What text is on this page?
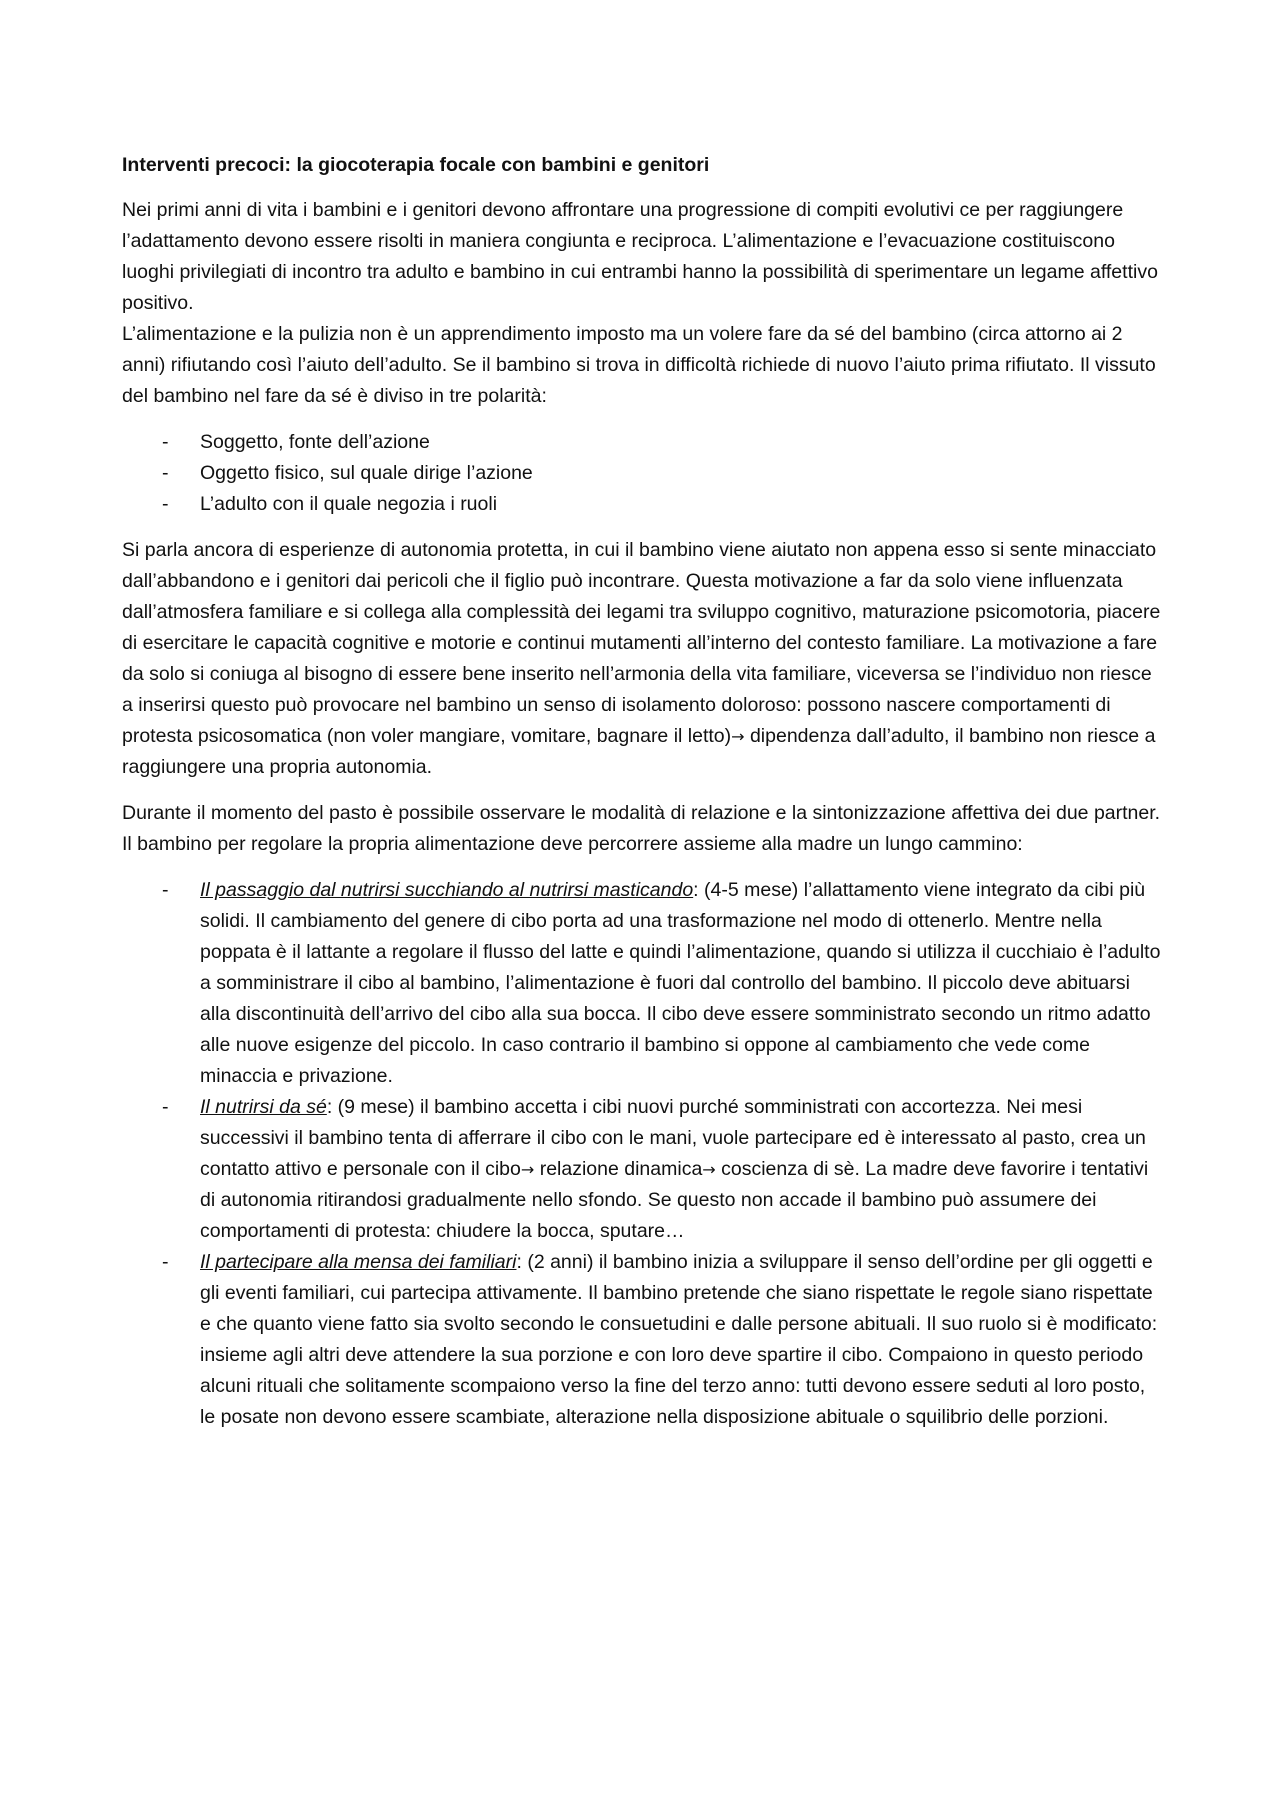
Interventi precoci: la giocoterapia focale con bambini e genitori

Nei primi anni di vita i bambini e i genitori devono affrontare una progressione di compiti evolutivi ce per raggiungere l’adattamento devono essere risolti in maniera congiunta e reciproca. L’alimentazione e l’evacuazione costituiscono luoghi privilegiati di incontro tra adulto e bambino in cui entrambi hanno la possibilità di sperimentare un legame affettivo positivo.

L’alimentazione e la pulizia non è un apprendimento imposto ma un volere fare da sé del bambino (circa attorno ai 2 anni) rifiutando così l’aiuto dell’adulto. Se il bambino si trova in difficoltà richiede di nuovo l’aiuto prima rifiutato. Il vissuto del bambino nel fare da sé è diviso in tre polarità:

- Soggetto, fonte dell’azione
- Oggetto fisico, sul quale dirige l’azione
- L’adulto con il quale negozia i ruoli

Si parla ancora di esperienze di autonomia protetta, in cui il bambino viene aiutato non appena esso si sente minacciato dall’abbandono e i genitori dai pericoli che il figlio può incontrare. Questa motivazione a far da solo viene influenzata dall’atmosfera familiare e si collega alla complessità dei legami tra sviluppo cognitivo, maturazione psicomotoria, piacere di esercitare le capacità cognitive e motorie e continui mutamenti all’interno del contesto familiare. La motivazione a fare da solo si coniuga al bisogno di essere bene inserito nell’armonia della vita familiare, viceversa se l’individuo non riesce a inserirsi questo può provocare nel bambino un senso di isolamento doloroso: possono nascere comportamenti di protesta psicosomatica (non voler mangiare, vomitare, bagnare il letto)→ dipendenza dall’adulto, il bambino non riesce a raggiungere una propria autonomia.

Durante il momento del pasto è possibile osservare le modalità di relazione e la sintonizzazione affettiva dei due partner. Il bambino per regolare la propria alimentazione deve percorrere assieme alla madre un lungo cammino:

- Il passaggio dal nutrirsi succhiando al nutrirsi masticando: (4-5 mese) l’allattamento viene integrato da cibi più solidi. Il cambiamento del genere di cibo porta ad una trasformazione nel modo di ottenerlo. Mentre nella poppata è il lattante a regolare il flusso del latte e quindi l’alimentazione, quando si utilizza il cucchiaio è l’adulto a somministrare il cibo al bambino, l’alimentazione è fuori dal controllo del bambino. Il piccolo deve abituarsi alla discontinuità dell’arrivo del cibo alla sua bocca. Il cibo deve essere somministrato secondo un ritmo adatto alle nuove esigenze del piccolo. In caso contrario il bambino si oppone al cambiamento che vede come minaccia e privazione.
- Il nutrirsi da sé: (9 mese) il bambino accetta i cibi nuovi purché somministrati con accortezza. Nei mesi successivi il bambino tenta di afferrare il cibo con le mani, vuole partecipare ed è interessato al pasto, crea un contatto attivo e personale con il cibo→ relazione dinamica→ coscienza di sè. La madre deve favorire i tentativi di autonomia ritirandosi gradualmente nello sfondo. Se questo non accade il bambino può assumere dei comportamenti di protesta: chiudere la bocca, sputare…
- Il partecipare alla mensa dei familiari: (2 anni) il bambino inizia a sviluppare il senso dell’ordine per gli oggetti e gli eventi familiari, cui partecipa attivamente. Il bambino pretende che siano rispettate le regole siano rispettate e che quanto viene fatto sia svolto secondo le consuetudini e dalle persone abituali. Il suo ruolo si è modificato: insieme agli altri deve attendere la sua porzione e con loro deve spartire il cibo. Compaiono in questo periodo alcuni rituali che solitamente scompaiono verso la fine del terzo anno: tutti devono essere seduti al loro posto, le posate non devono essere scambiate, alterazione nella disposizione abituale o squilibrio delle porzioni.
